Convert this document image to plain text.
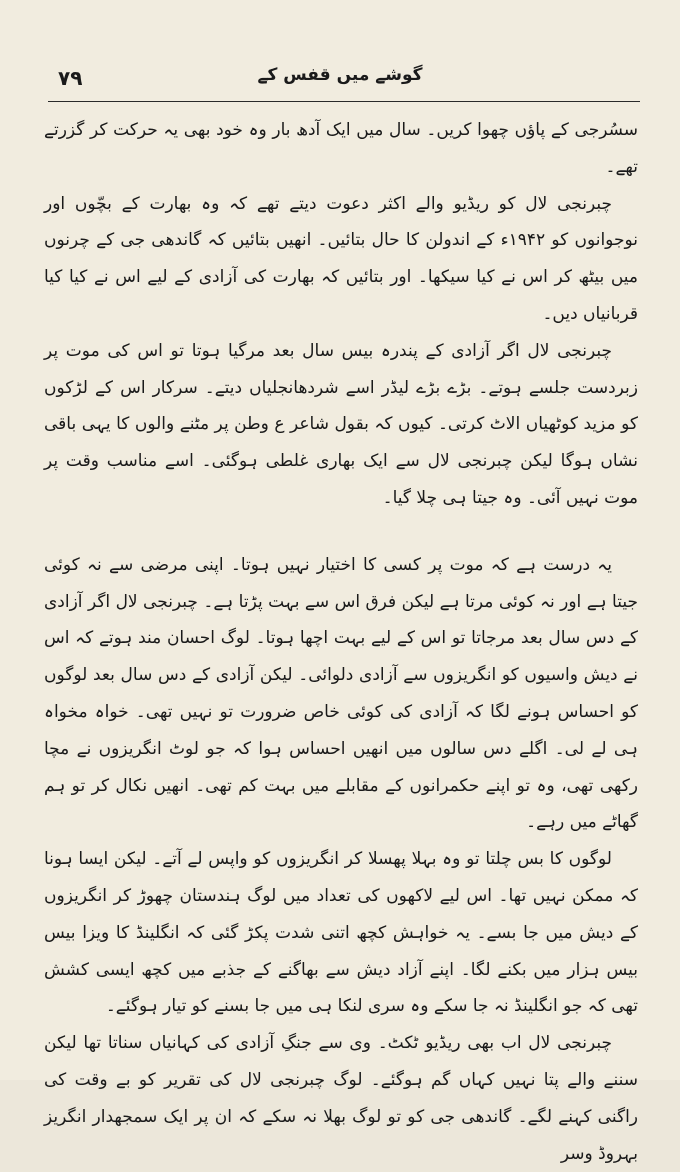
۷۹	گوشے میں قفس کے

سسُرجی کے پاؤں چھوا کریں۔ سال میں ایک آدھ بار وہ خود بھی یہ حرکت کر گزرتے تھے۔

چبرنجی لال کو ریڈیو والے اکثر دعوت دیتے تھے کہ وہ بھارت کے بچّوں اور نوجوانوں کو ۱۹۴۲ء کے اندولن کا حال بتائیں۔ انھیں بتائیں کہ گاندھی جی کے چرنوں میں بیٹھ کر اس نے کیا سیکھا۔ اور بتائیں کہ بھارت کی آزادی کے لیے اس نے کیا کیا قربانیاں دیں۔

چبرنجی لال اگر آزادی کے پندرہ بیس سال بعد مرگیا ہوتا تو اس کی موت پر زبردست جلسے ہوتے۔ بڑے بڑے لیڈر اسے شردھانجلیاں دیتے۔ سرکار اس کے لڑکوں کو مزید کوٹھیاں الاٹ کرتی۔ کیوں کہ بقول شاعر ع وطن پر مٹنے والوں کا یہی باقی نشاں ہوگا لیکن چبرنجی لال سے ایک بھاری غلطی ہوگئی۔ اسے مناسب وقت پر موت نہیں آئی۔ وہ جیتا ہی چلا گیا۔

یہ درست ہے کہ موت پر کسی کا اختیار نہیں ہوتا۔ اپنی مرضی سے نہ کوئی جیتا ہے اور نہ کوئی مرتا ہے لیکن فرق اس سے بہت پڑتا ہے۔ چبرنجی لال اگر آزادی کے دس سال بعد مرجاتا تو اس کے لیے بہت اچھا ہوتا۔ لوگ احسان مند ہوتے کہ اس نے دیش واسیوں کو انگریزوں سے آزادی دلوائی۔ لیکن آزادی کے دس سال بعد لوگوں کو احساس ہونے لگا کہ آزادی کی کوئی خاص ضرورت تو نہیں تھی۔ خواہ مخواہ ہی لے لی۔ اگلے دس سالوں میں انھیں احساس ہوا کہ جو لوٹ انگریزوں نے مچا رکھی تھی، وہ تو اپنے حکمرانوں کے مقابلے میں بہت کم تھی۔ انھیں نکال کر تو ہم گھاٹے میں رہے۔

لوگوں کا بس چلتا تو وہ بہلا پھسلا کر انگریزوں کو واپس لے آتے۔ لیکن ایسا ہونا کہ ممکن نہیں تھا۔ اس لیے لاکھوں کی تعداد میں لوگ ہندستان چھوڑ کر انگریزوں کے دیش میں جا بسے۔ یہ خواہش کچھ اتنی شدت پکڑ گئی کہ انگلینڈ کا ویزا بیس بیس ہزار میں بکنے لگا۔ اپنے آزاد دیش سے بھاگنے کے جذبے میں کچھ ایسی کشش تھی کہ جو انگلینڈ نہ جا سکے وہ سری لنکا ہی میں جا بسنے کو تیار ہوگئے۔

چبرنجی لال اب بھی ریڈیو ٹکٹ۔ وی سے جنگِ آزادی کی کہانیاں سناتا تھا لیکن سننے والے پتا نہیں کہاں گم ہوگئے۔ لوگ چبرنجی لال کی تقریر کو بے وقت کی راگنی کہنے لگے۔ گاندھی جی کو تو لوگ بھلا نہ سکے کہ ان پر ایک سمجھدار انگریز بہروڈ وسر
